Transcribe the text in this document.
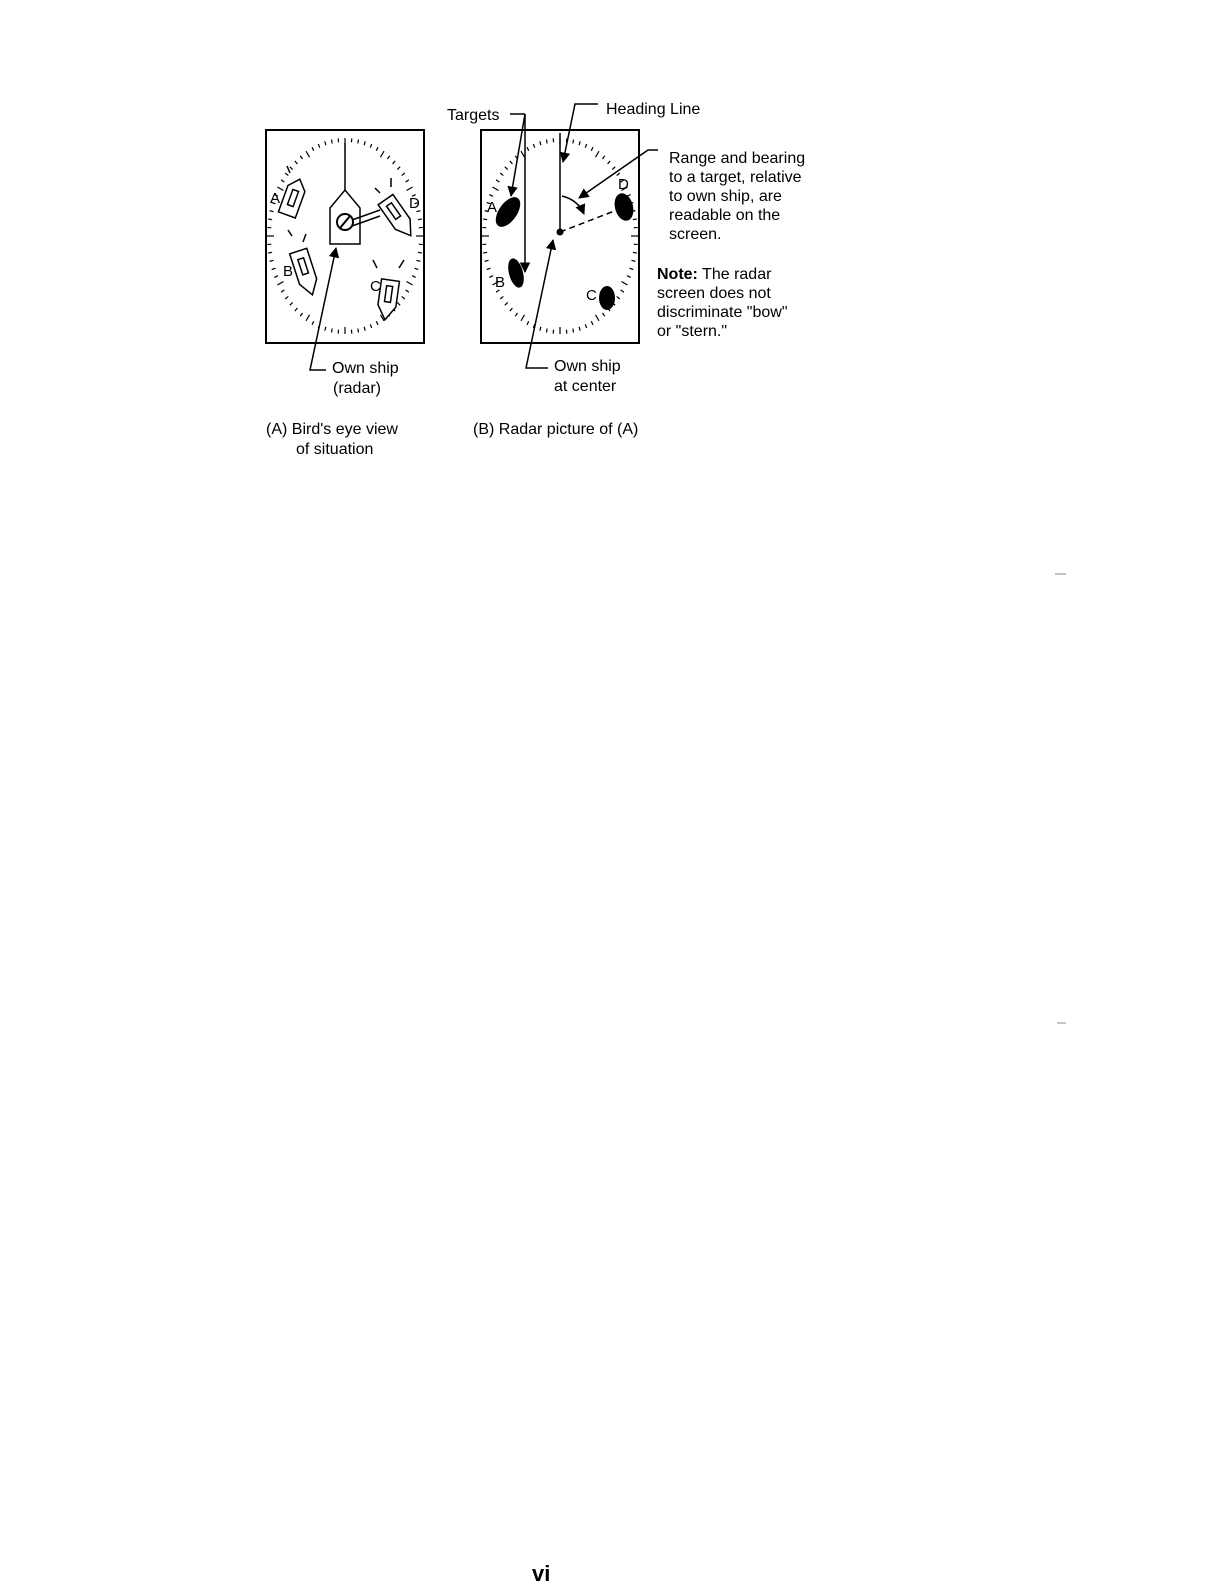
A
B
C
D
Own ship
(radar)
(A) Bird's eye view
of situation
A
B
C
D
Targets	Heading Line
Range and bearing
to a target, relative
to own ship, are
readable on the
screen.
Note: The radar
screen does not
discriminate "bow"
or "stern."
Own ship
at center
(B) Radar picture of (A)

vi
